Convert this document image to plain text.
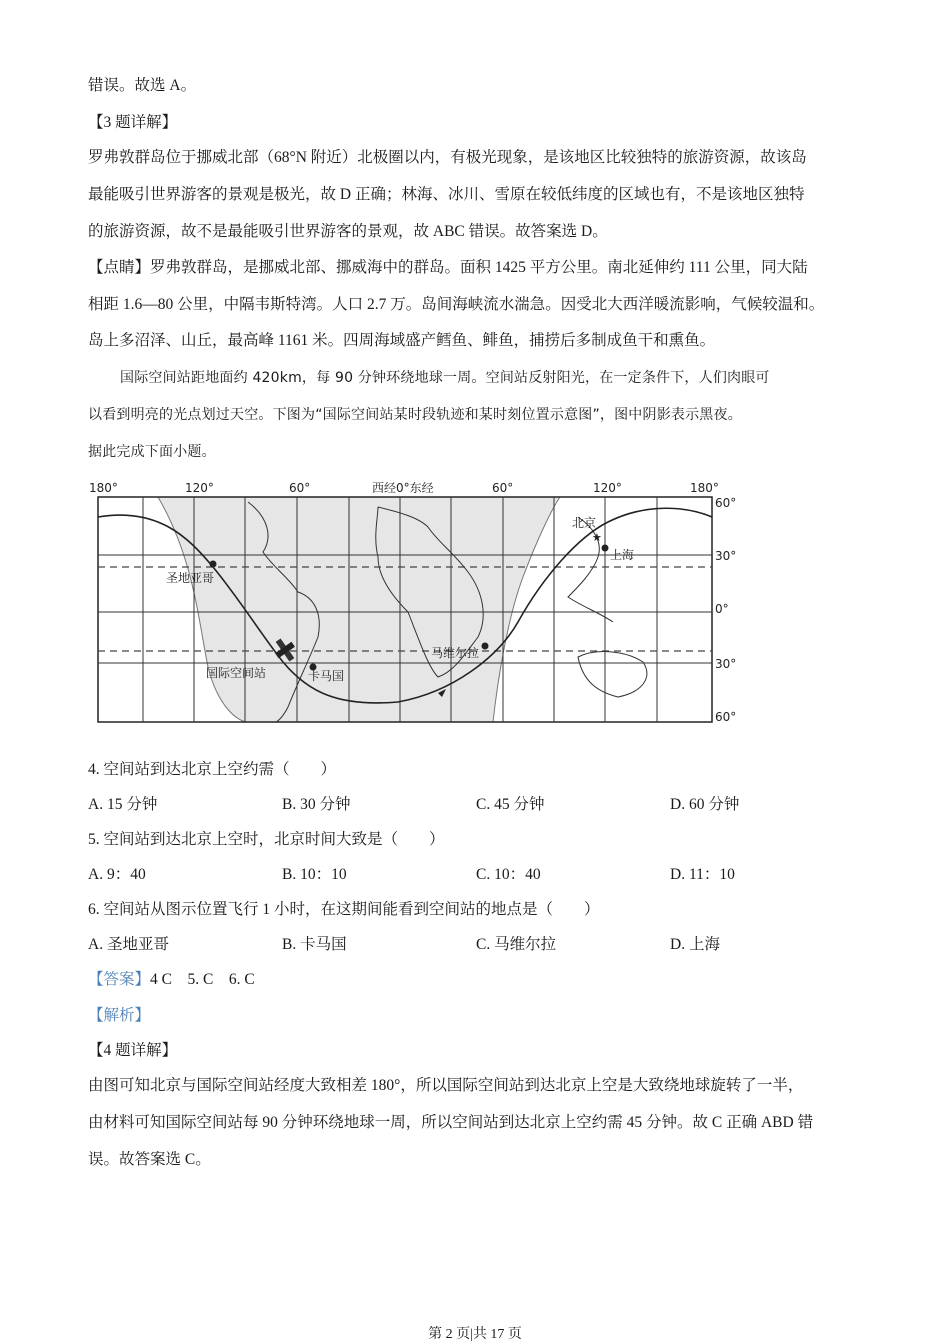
错误。故选 A。
【3 题详解】
罗弗敦群岛位于挪威北部（68°N 附近）北极圈以内，有极光现象，是该地区比较独特的旅游资源，故该岛
最能吸引世界游客的景观是极光，故 D 正确；林海、冰川、雪原在较低纬度的区域也有，不是该地区独特
的旅游资源，故不是最能吸引世界游客的景观，故 ABC 错误。故答案选 D。
【点睛】罗弗敦群岛，是挪威北部、挪威海中的群岛。面积 1425 平方公里。南北延伸约 111 公里，同大陆
相距 1.6—80 公里，中隔韦斯特湾。人口 2.7 万。岛间海峡流水湍急。因受北大西洋暖流影响，气候较温和。
岛上多沼泽、山丘，最高峰 1161 米。四周海域盛产鳕鱼、鲱鱼，捕捞后多制成鱼干和熏鱼。
国际空间站距地面约 420km，每 90 分钟环绕地球一周。空间站反射阳光，在一定条件下，人们肉眼可
以看到明亮的光点划过天空。下图为“国际空间站某时段轨迹和某时刻位置示意图”，图中阴影表示黑夜。
据此完成下面小题。
180°	120°	60°	西经0°东经	60°	120°	180°
60°
30°
0°
30°
60°
★
圣地亚哥
国际空间站	卡马国
马维尔拉
北京
上海
4. 空间站到达北京上空约需（　　）
A. 15 分钟	B. 30 分钟	C. 45 分钟	D. 60 分钟
5. 空间站到达北京上空时，北京时间大致是（　　）
A. 9：40	B. 10：10	C. 10：40	D. 11：10
6. 空间站从图示位置飞行 1 小时，在这期间能看到空间站的地点是（　　）
A. 圣地亚哥	B. 卡马国	C. 马维尔拉	D. 上海
【答案】4 C　5. C　6. C
【解析】
【4 题详解】
由图可知北京与国际空间站经度大致相差 180°，所以国际空间站到达北京上空是大致绕地球旋转了一半，
由材料可知国际空间站每 90 分钟环绕地球一周，所以空间站到达北京上空约需 45 分钟。故 C 正确 ABD 错
误。故答案选 C。
第 2 页|共 17 页
